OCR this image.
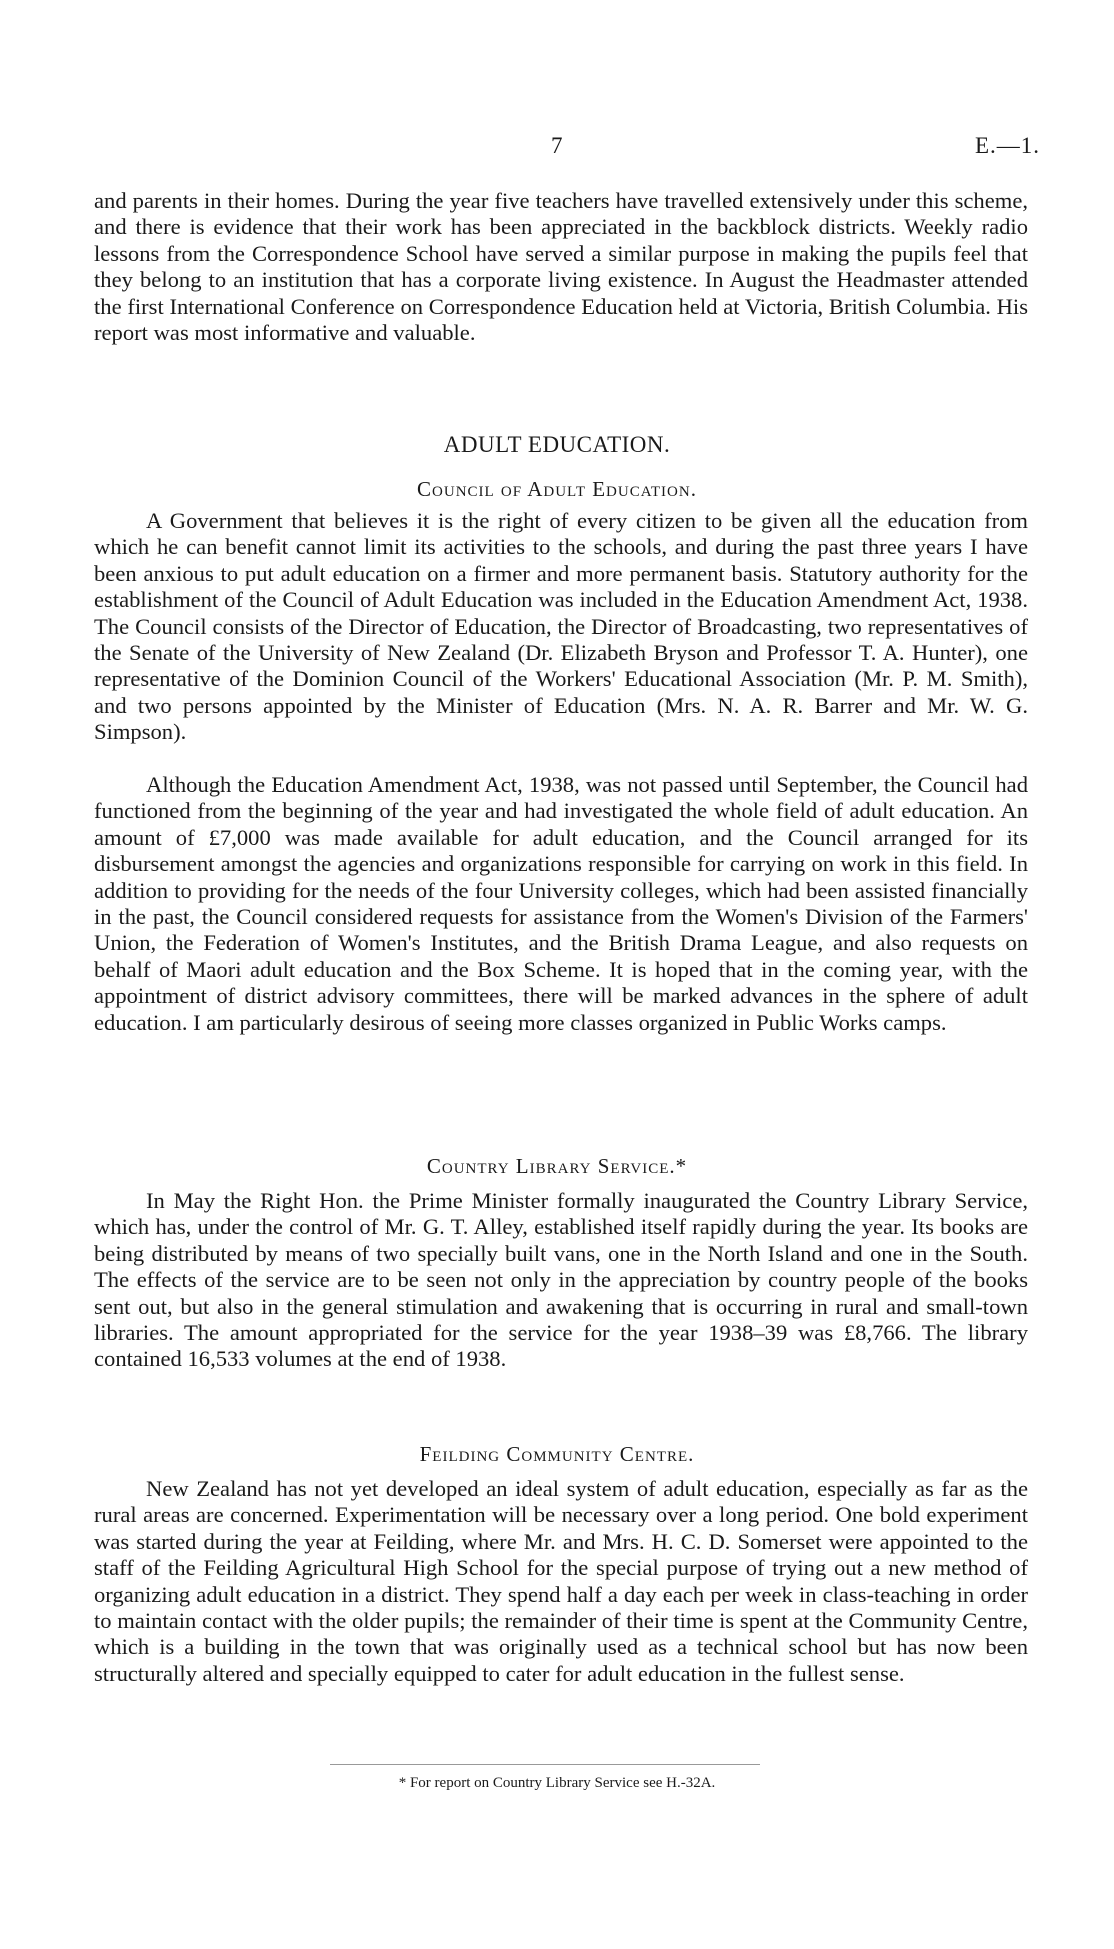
7	E.—1.

and parents in their homes. During the year five teachers have travelled extensively under this scheme, and there is evidence that their work has been appreciated in the backblock districts. Weekly radio lessons from the Correspondence School have served a similar purpose in making the pupils feel that they belong to an institution that has a corporate living existence. In August the Headmaster attended the first International Conference on Correspondence Education held at Victoria, British Columbia. His report was most informative and valuable.

ADULT EDUCATION.
Council of Adult Education.

A Government that believes it is the right of every citizen to be given all the education from which he can benefit cannot limit its activities to the schools, and during the past three years I have been anxious to put adult education on a firmer and more permanent basis. Statutory authority for the establishment of the Council of Adult Education was included in the Education Amendment Act, 1938. The Council consists of the Director of Education, the Director of Broadcasting, two representatives of the Senate of the University of New Zealand (Dr. Elizabeth Bryson and Professor T. A. Hunter), one representative of the Dominion Council of the Workers' Educational Association (Mr. P. M. Smith), and two persons appointed by the Minister of Education (Mrs. N. A. R. Barrer and Mr. W. G. Simpson).

Although the Education Amendment Act, 1938, was not passed until September, the Council had functioned from the beginning of the year and had investigated the whole field of adult education. An amount of £7,000 was made available for adult education, and the Council arranged for its disbursement amongst the agencies and organizations responsible for carrying on work in this field. In addition to providing for the needs of the four University colleges, which had been assisted financially in the past, the Council considered requests for assistance from the Women's Division of the Farmers' Union, the Federation of Women's Institutes, and the British Drama League, and also requests on behalf of Maori adult education and the Box Scheme. It is hoped that in the coming year, with the appointment of district advisory committees, there will be marked advances in the sphere of adult education. I am particularly desirous of seeing more classes organized in Public Works camps.

Country Library Service.*

In May the Right Hon. the Prime Minister formally inaugurated the Country Library Service, which has, under the control of Mr. G. T. Alley, established itself rapidly during the year. Its books are being distributed by means of two specially built vans, one in the North Island and one in the South. The effects of the service are to be seen not only in the appreciation by country people of the books sent out, but also in the general stimulation and awakening that is occurring in rural and small-town libraries. The amount appropriated for the service for the year 1938–39 was £8,766. The library contained 16,533 volumes at the end of 1938.

Feilding Community Centre.

New Zealand has not yet developed an ideal system of adult education, especially as far as the rural areas are concerned. Experimentation will be necessary over a long period. One bold experiment was started during the year at Feilding, where Mr. and Mrs. H. C. D. Somerset were appointed to the staff of the Feilding Agricultural High School for the special purpose of trying out a new method of organizing adult education in a district. They spend half a day each per week in class-teaching in order to maintain contact with the older pupils; the remainder of their time is spent at the Community Centre, which is a building in the town that was originally used as a technical school but has now been structurally altered and specially equipped to cater for adult education in the fullest sense.

* For report on Country Library Service see H.-32A.
